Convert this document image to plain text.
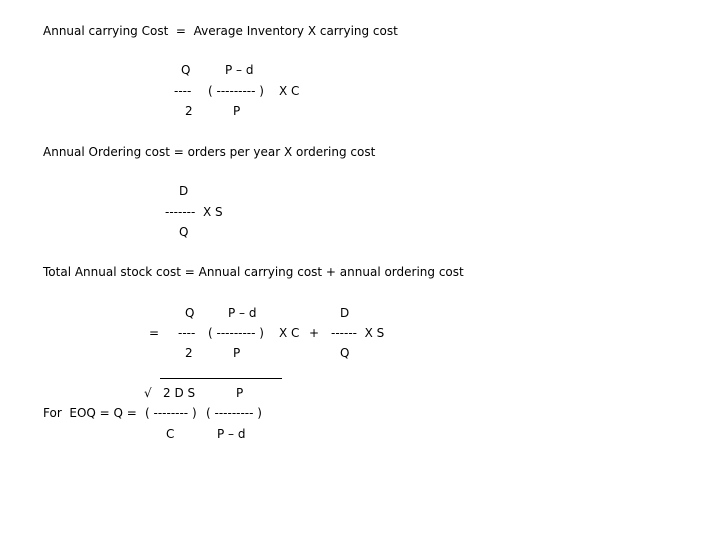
Annual carrying Cost  =  Average Inventory X carrying cost
Q	P – d
---- ( --------- ) X C
2	P
Annual Ordering cost = orders per year X ordering cost
D
-------  X S
Q
Total Annual stock cost = Annual carrying cost + annual ordering cost
Q	P – d	D
= ---- ( --------- ) X C + ------  X S
2	P	Q
√ 2 D S	P
For  EOQ = Q = ( -------- ) ( --------- )
C	P – d
